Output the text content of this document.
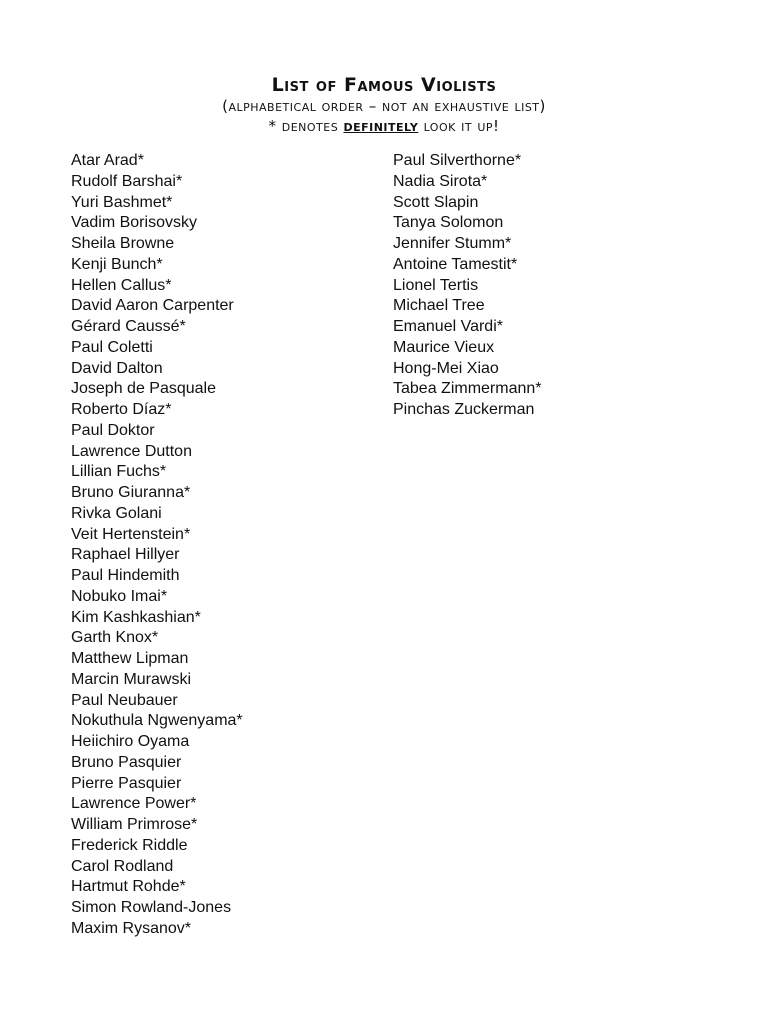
List of Famous Violists

(alphabetical order – not an exhaustive list)

* denotes definitely look it up!

Atar Arad*
Rudolf Barshai*
Yuri Bashmet*
Vadim Borisovsky
Sheila Browne
Kenji Bunch*
Hellen Callus*
David Aaron Carpenter
Gérard Caussé*
Paul Coletti
David Dalton
Joseph de Pasquale
Roberto Díaz*
Paul Doktor
Lawrence Dutton
Lillian Fuchs*
Bruno Giuranna*
Rivka Golani
Veit Hertenstein*
Raphael Hillyer
Paul Hindemith
Nobuko Imai*
Kim Kashkashian*
Garth Knox*
Matthew Lipman
Marcin Murawski
Paul Neubauer
Nokuthula Ngwenyama*
Heiichiro Oyama
Bruno Pasquier
Pierre Pasquier
Lawrence Power*
William Primrose*
Frederick Riddle
Carol Rodland
Hartmut Rohde*
Simon Rowland-Jones
Maxim Rysanov*
Paul Silverthorne*
Nadia Sirota*
Scott Slapin
Tanya Solomon
Jennifer Stumm*
Antoine Tamestit*
Lionel Tertis
Michael Tree
Emanuel Vardi*
Maurice Vieux
Hong-Mei Xiao
Tabea Zimmermann*
Pinchas Zuckerman
